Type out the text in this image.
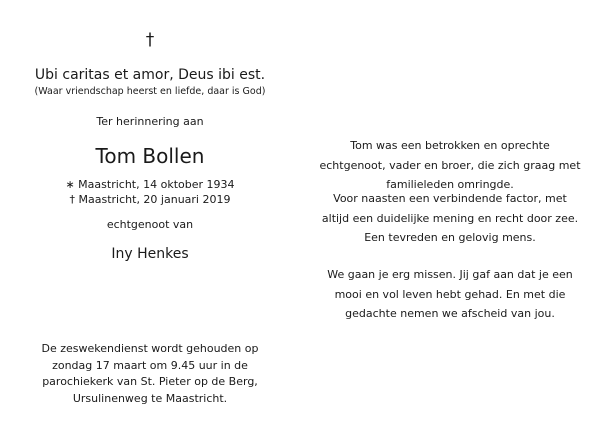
†
Ubi caritas et amor, Deus ibi est.
(Waar vriendschap heerst en liefde, daar is God)
Ter herinnering aan
Tom Bollen
∗ Maastricht, 14 oktober 1934
† Maastricht, 20 januari 2019
echtgenoot van
Iny Henkes
De zeswekendienst wordt gehouden op
zondag 17 maart om 9.45 uur in de
parochiekerk van St. Pieter op de Berg,
Ursulinenweg te Maastricht.
Tom was een betrokken en oprechte
echtgenoot, vader en broer, die zich graag met
familieleden omringde.
Voor naasten een verbindende factor, met
altijd een duidelijke mening en recht door zee.
Een tevreden en gelovig mens.
We gaan je erg missen. Jij gaf aan dat je een
mooi en vol leven hebt gehad. En met die
gedachte nemen we afscheid van jou.
